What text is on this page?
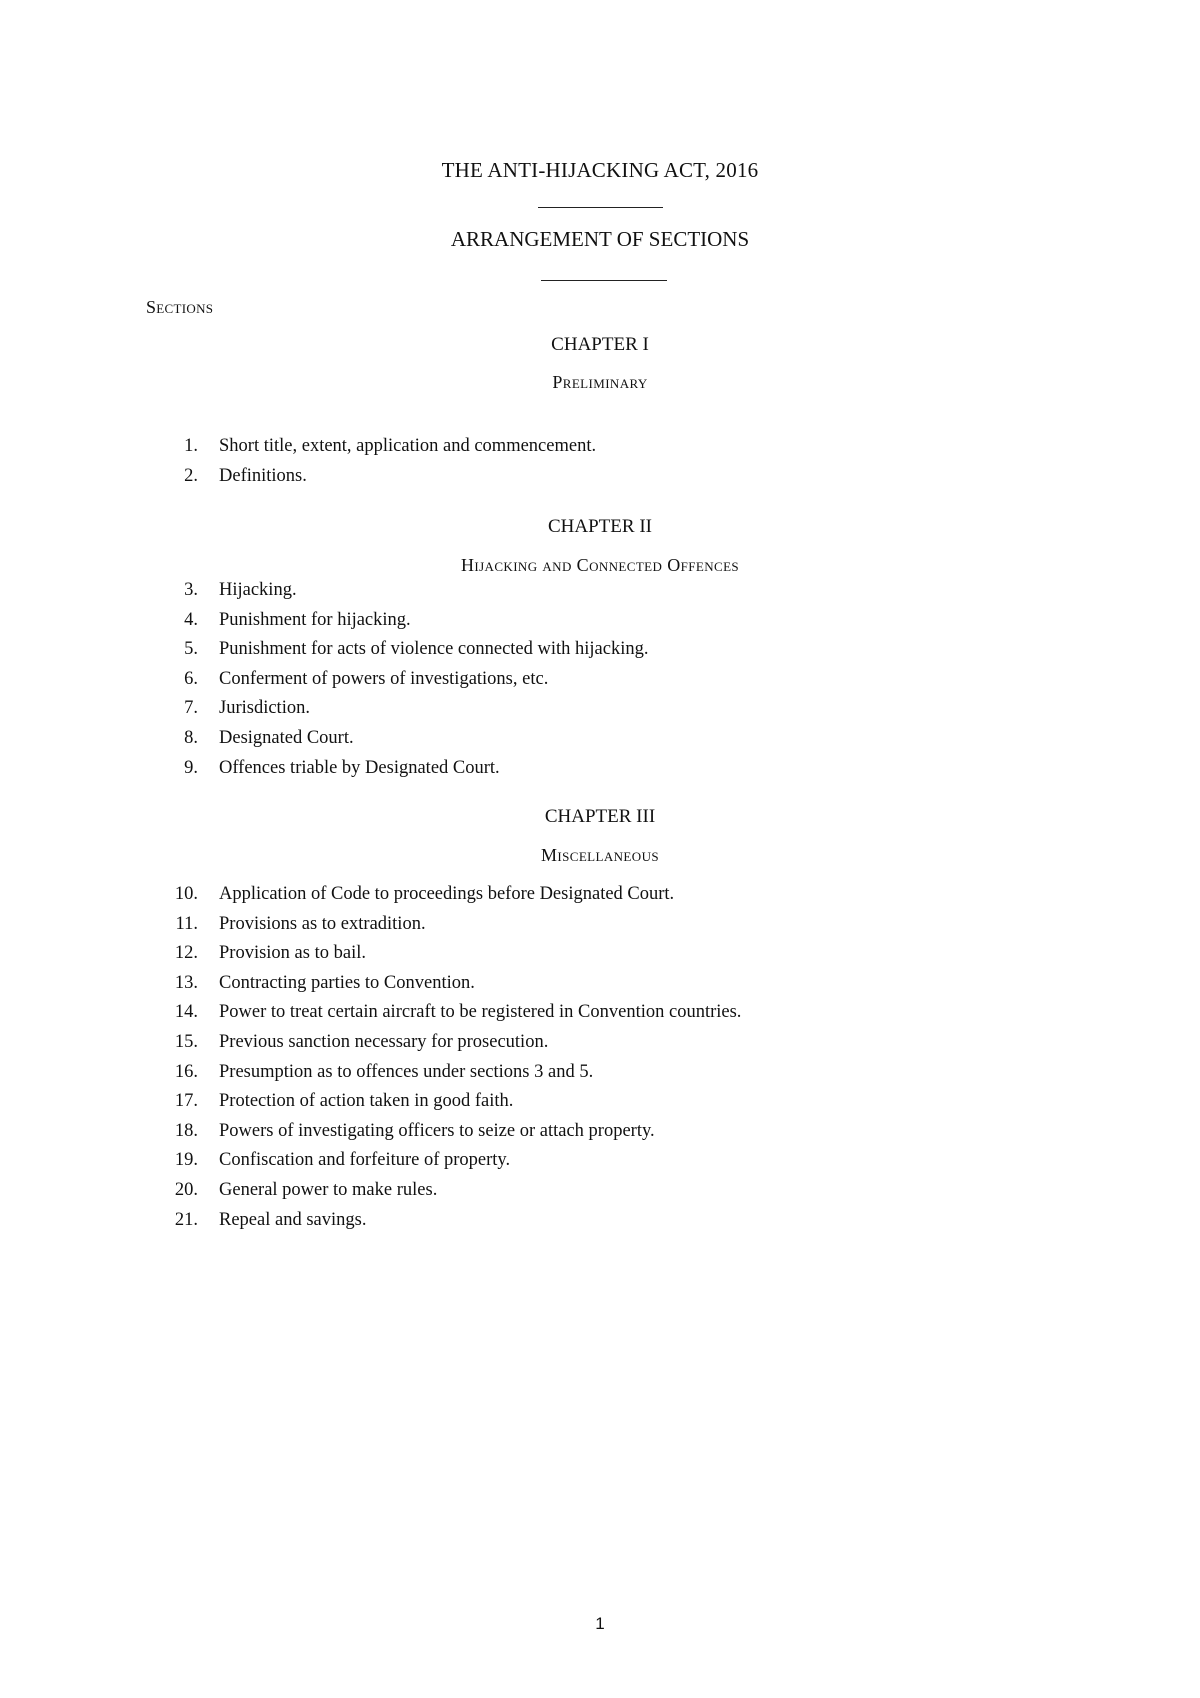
THE ANTI-HIJACKING ACT, 2016
ARRANGEMENT OF SECTIONS
Sections
CHAPTER I
Preliminary
1. Short title, extent, application and commencement.
2. Definitions.
CHAPTER II
Hijacking and Connected Offences
3. Hijacking.
4. Punishment for hijacking.
5. Punishment for acts of violence connected with hijacking.
6. Conferment of powers of investigations, etc.
7. Jurisdiction.
8. Designated Court.
9. Offences triable by Designated Court.
CHAPTER III
Miscellaneous
10. Application of Code to proceedings before Designated Court.
11. Provisions as to extradition.
12. Provision as to bail.
13. Contracting parties to Convention.
14. Power to treat certain aircraft to be registered in Convention countries.
15. Previous sanction necessary for prosecution.
16. Presumption as to offences under sections 3 and 5.
17. Protection of action taken in good faith.
18. Powers of investigating officers to seize or attach property.
19. Confiscation and forfeiture of property.
20. General power to make rules.
21. Repeal and savings.
1
